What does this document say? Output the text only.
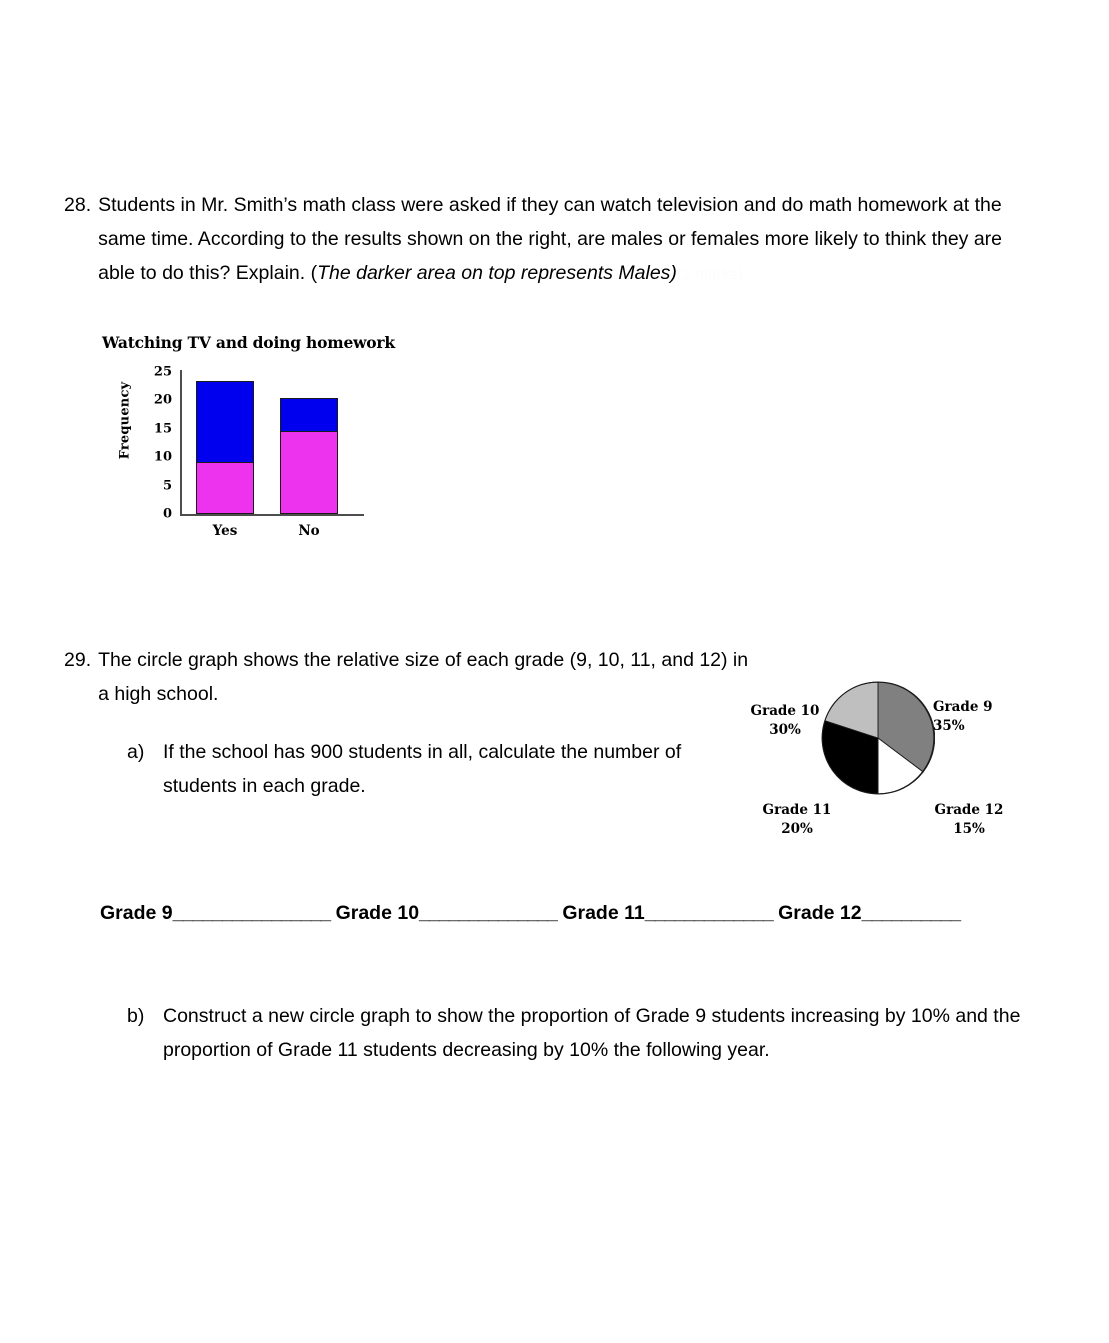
28. Students in Mr. Smith’s math class were asked if they can watch television and do math homework at the same time. According to the results shown on the right, are males or females more likely to think they are able to do this? Explain. (The darker area on top represents Males)(2 marks)
Watching TV and doing homework
Frequency
25
20
15
10
5
0
Yes	No
29. The circle graph shows the relative size of each grade (9, 10, 11, and 12) in a high school.
a) If the school has 900 students in all, calculate the number of students in each grade.
Grade 9
35%
Grade 10
30%
Grade 11
20%
Grade 12
15%
Grade 9________________ Grade 10______________ Grade 11_____________ Grade 12__________
b) Construct a new circle graph to show the proportion of Grade 9 students increasing by 10% and the proportion of Grade 11 students decreasing by 10% the following year.
